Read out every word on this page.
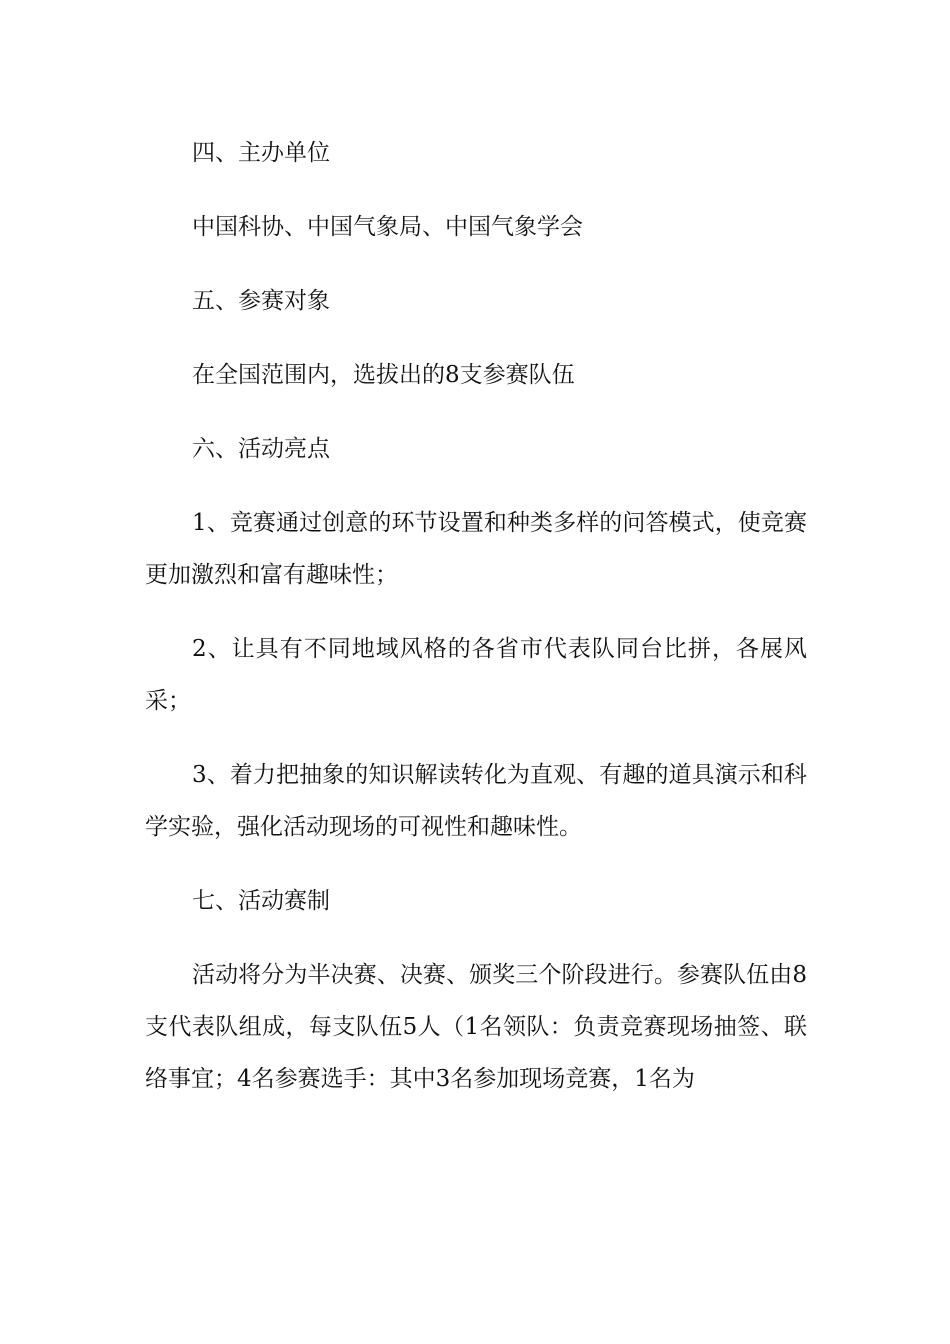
四、主办单位

中国科协、中国气象局、中国气象学会

五、参赛对象

在全国范围内，选拔出的8支参赛队伍

六、活动亮点

1、竞赛通过创意的环节设置和种类多样的问答模式，使竞赛更加激烈和富有趣味性；

2、让具有不同地域风格的各省市代表队同台比拼，各展风采；

3、着力把抽象的知识解读转化为直观、有趣的道具演示和科学实验，强化活动现场的可视性和趣味性。

七、活动赛制

活动将分为半决赛、决赛、颁奖三个阶段进行。参赛队伍由8支代表队组成，每支队伍5人（1名领队：负责竞赛现场抽签、联络事宜；4名参赛选手：其中3名参加现场竞赛，1名为
